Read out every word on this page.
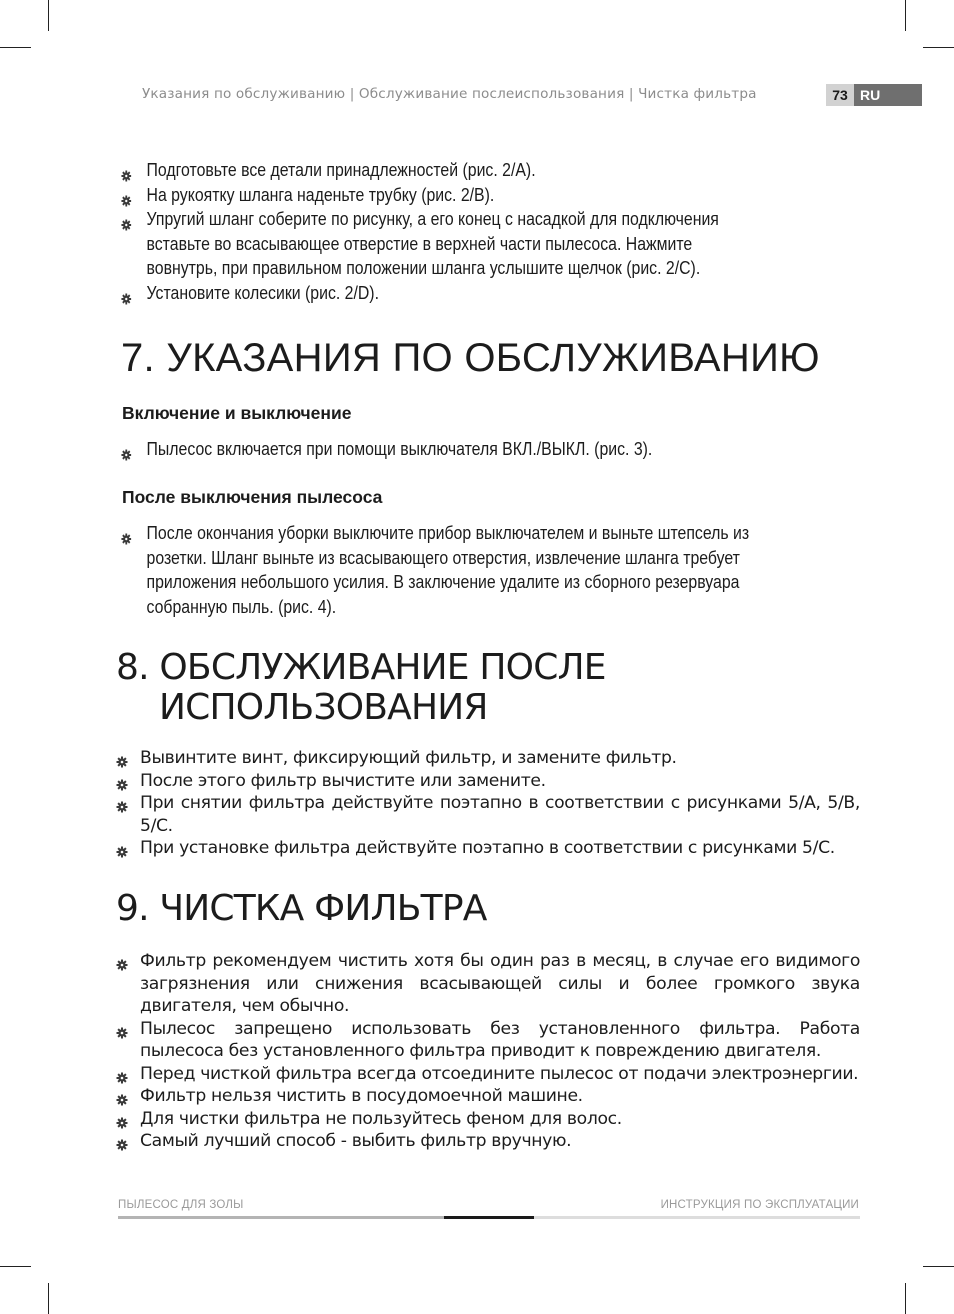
Указания по обслуживанию | Обслуживание послеиспользования | Чистка фильтра	73 RU
Подготовьте все детали принадлежностей (рис. 2/A).
На рукоятку шланга наденьте трубку (рис. 2/B).
Упругий шланг соберите по рисунку, а его конец с насадкой для подключения вставьте во всасывающее отверстие в верхней части пылесоса. Нажмите вовнутрь, при правильном положении шланга услышите щелчок (рис. 2/C).
Установите колесики (рис. 2/D).
7. УКАЗАНИЯ ПО ОБСЛУЖИВАНИЮ
Включение и выключение
Пылесос включается при помощи выключателя ВКЛ./ВЫКЛ. (рис. 3).
После выключения пылесоса
После окончания уборки выключите прибор выключателем и выньте штепсель из розетки. Шланг выньте из всасывающего отверстия, извлечение шланга требует приложения небольшого усилия. В заключение удалите из сборного резервуара собранную пыль. (рис. 4).
8. ОБСЛУЖИВАНИЕ ПОСЛЕ
ИСПОЛЬЗОВАНИЯ
Вывинтите винт, фиксирующий фильтр, и замените фильтр.
После этого фильтр вычистите или замените.
При снятии фильтра действуйте поэтапно в соответствии с рисунками 5/A, 5/B, 5/C.
При установке фильтра действуйте поэтапно в соответствии с рисунками 5/C.
9. ЧИСТКА ФИЛЬТРА
Фильтр рекомендуем чистить хотя бы один раз в месяц, в случае его видимого загрязнения или снижения всасывающей силы и более громкого звука двигателя, чем обычно.
Пылесос запрещено использовать без установленного фильтра. Работа пылесоса без установленного фильтра приводит к повреждению двигателя.
Перед чисткой фильтра всегда отсоедините пылесос от подачи электроэнергии.
Фильтр нельзя чистить в посудомоечной машине.
Для чистки фильтра не пользуйтесь феном для волос.
Самый лучший способ - выбить фильтр вручную.
ПЫЛЕСОС ДЛЯ ЗОЛЫ	ИНСТРУКЦИЯ ПО ЭКСПЛУАТАЦИИ
